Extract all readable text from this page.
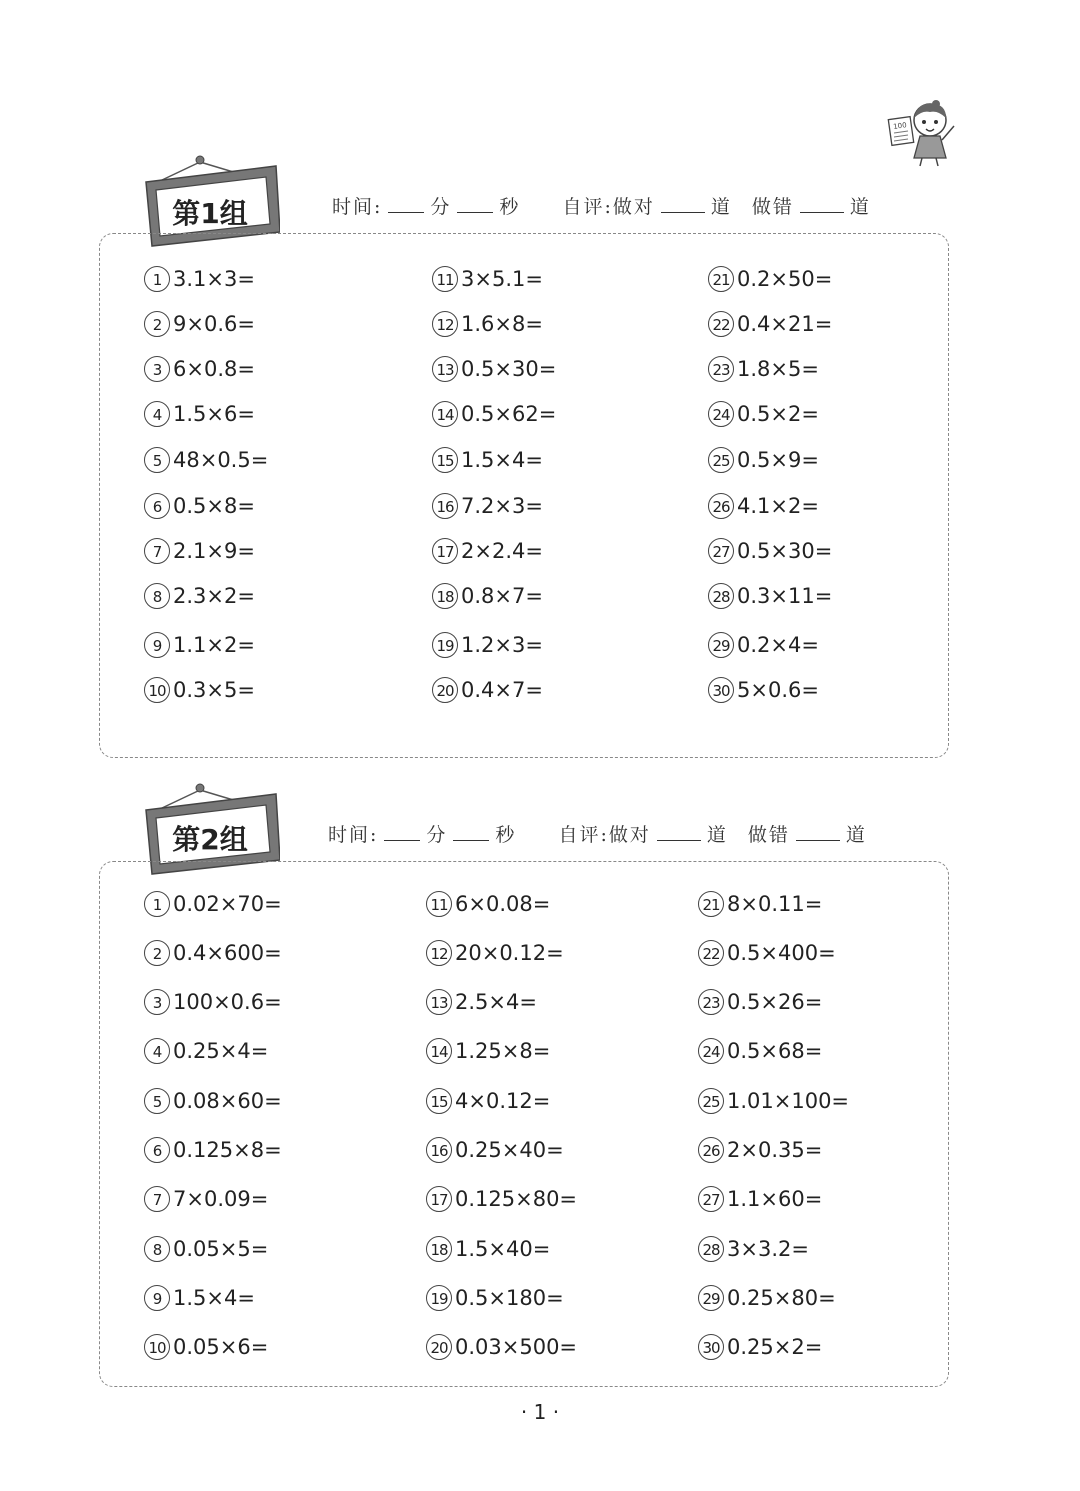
100
第1组	时间:	分	秒 自评:做对	道 做错	道
1 3.1×3=
2 9×0.6=
3 6×0.8=
4 1.5×6=
5 48×0.5=
6 0.5×8=
7 2.1×9=
8 2.3×2=
9 1.1×2=
10 0.3×5=
11 3×5.1=
12 1.6×8=
13 0.5×30=
14 0.5×62=
15 1.5×4=
16 7.2×3=
17 2×2.4=
18 0.8×7=
19 1.2×3=
20 0.4×7=
21 0.2×50=
22 0.4×21=
23 1.8×5=
24 0.5×2=
25 0.5×9=
26 4.1×2=
27 0.5×30=
28 0.3×11=
29 0.2×4=
30 5×0.6=
第2组	时间:	分	秒 自评:做对	道 做错	道
1 0.02×70=
2 0.4×600=
3 100×0.6=
4 0.25×4=
5 0.08×60=
6 0.125×8=
7 7×0.09=
8 0.05×5=
9 1.5×4=
10 0.05×6=
11 6×0.08=
12 20×0.12=
13 2.5×4=
14 1.25×8=
15 4×0.12=
16 0.25×40=
17 0.125×80=
18 1.5×40=
19 0.5×180=
20 0.03×500=
21 8×0.11=
22 0.5×400=
23 0.5×26=
24 0.5×68=
25 1.01×100=
26 2×0.35=
27 1.1×60=
28 3×3.2=
29 0.25×80=
30 0.25×2=
· 1 ·
